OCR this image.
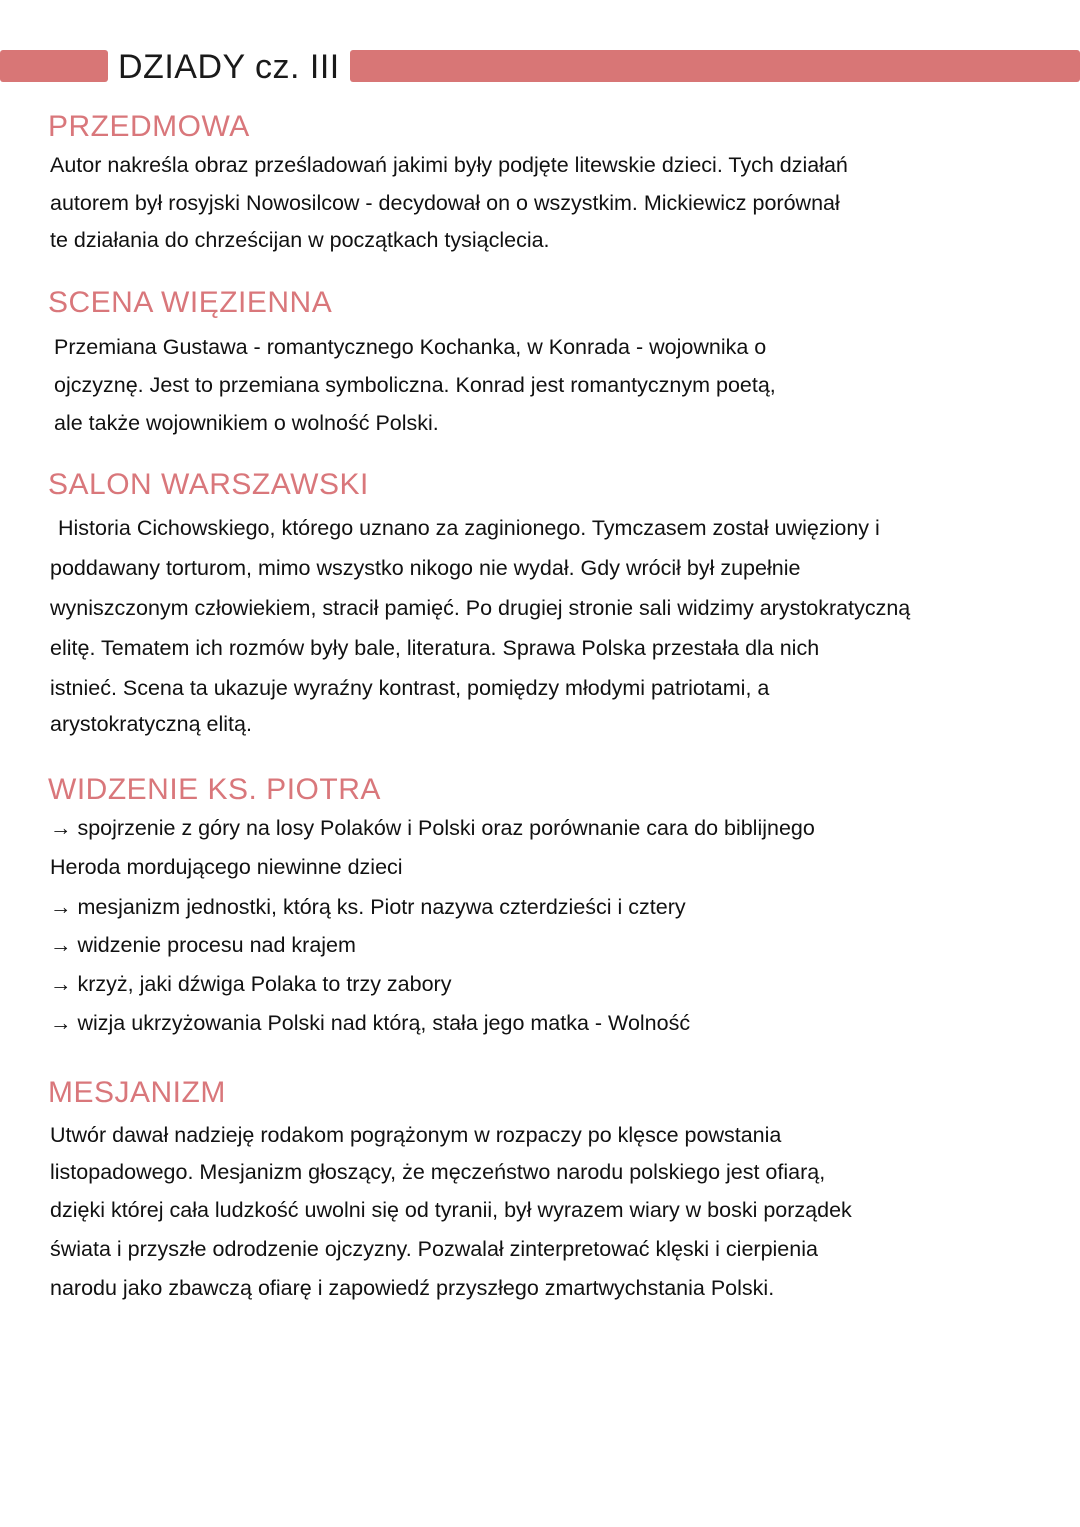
DZIADY cz. III
PRZEDMOWA
Autor nakreśla obraz prześladowań jakimi były podjęte litewskie dzieci. Tych działań
autorem był rosyjski Nowosilcow - decydował on o wszystkim. Mickiewicz porównał
te działania do chrześcijan w początkach tysiąclecia.
SCENA WIĘZIENNA
Przemiana Gustawa - romantycznego Kochanka, w Konrada - wojownika o
ojczyznę. Jest to przemiana symboliczna. Konrad jest romantycznym poetą,
ale także wojownikiem o wolność Polski.
SALON WARSZAWSKI
Historia Cichowskiego, którego uznano za zaginionego. Tymczasem został uwięziony i
poddawany torturom, mimo wszystko nikogo nie wydał. Gdy wrócił był zupełnie
wyniszczonym człowiekiem, stracił pamięć. Po drugiej stronie sali widzimy arystokratyczną
elitę. Tematem ich rozmów były bale, literatura. Sprawa Polska przestała dla nich
istnieć. Scena ta ukazuje wyraźny kontrast, pomiędzy młodymi patriotami, a
arystokratyczną elitą.
WIDZENIE KS. PIOTRA
→ spojrzenie z góry na losy Polaków i Polski oraz porównanie cara do biblijnego
Heroda mordującego niewinne dzieci
→ mesjanizm jednostki, którą ks. Piotr nazywa czterdzieści i cztery
→ widzenie procesu nad krajem
→ krzyż, jaki dźwiga Polaka to trzy zabory
→ wizja ukrzyżowania Polski nad którą, stała jego matka - Wolność
MESJANIZM
Utwór dawał nadzieję rodakom pogrążonym w rozpaczy po klęsce powstania
listopadowego. Mesjanizm głoszący, że męczeństwo narodu polskiego jest ofiarą,
dzięki której cała ludzkość uwolni się od tyranii, był wyrazem wiary w boski porządek
świata i przyszłe odrodzenie ojczyzny. Pozwalał zinterpretować klęski i cierpienia
narodu jako zbawczą ofiarę i zapowiedź przyszłego zmartwychstania Polski.
